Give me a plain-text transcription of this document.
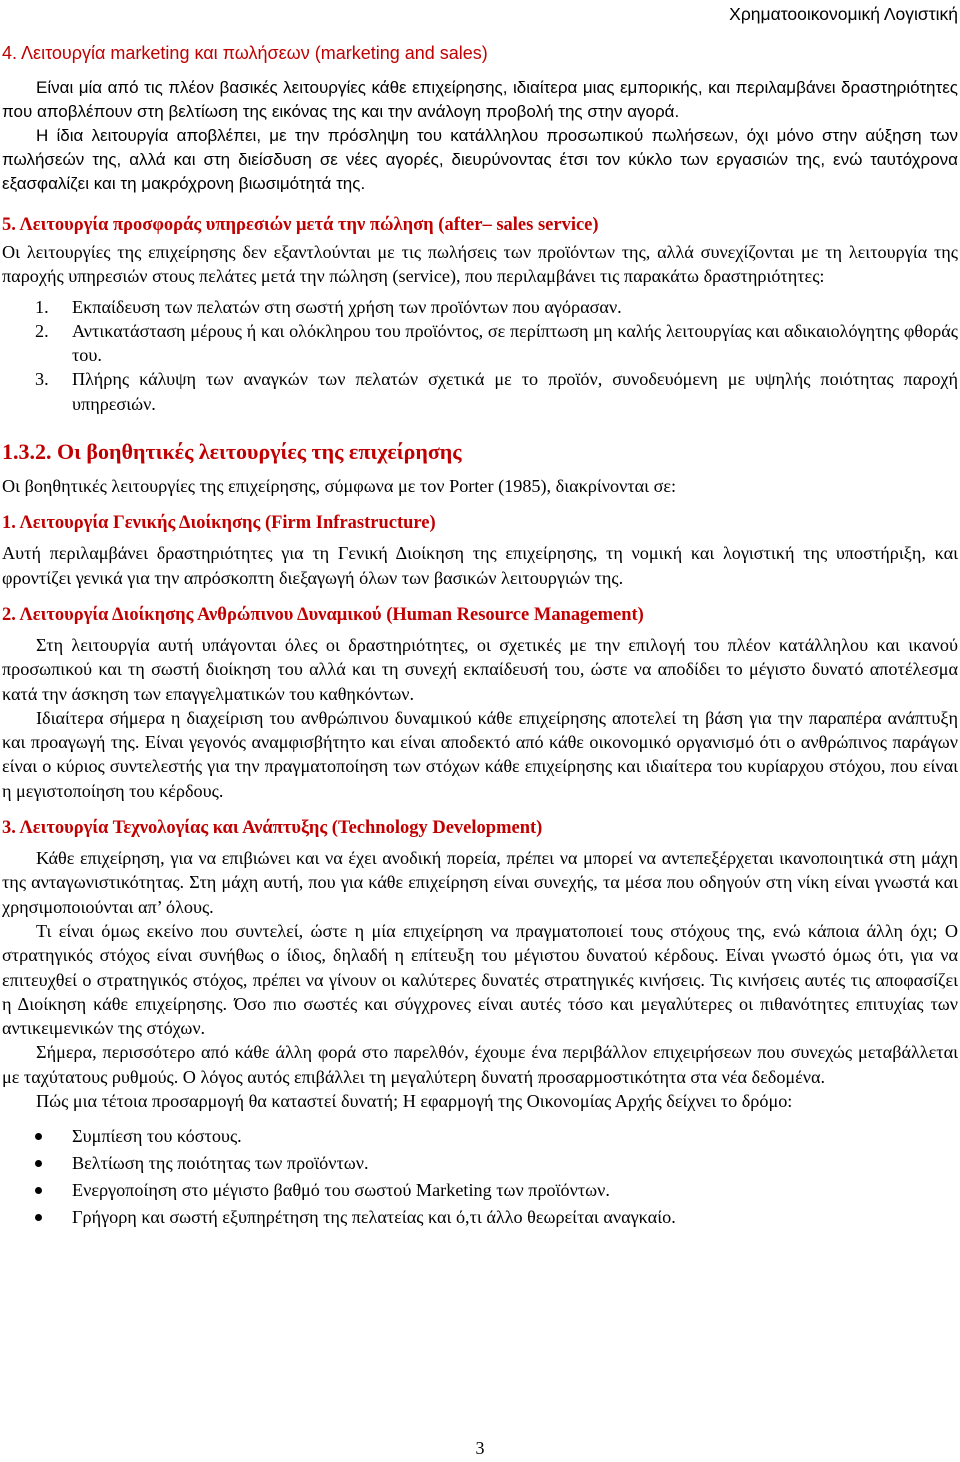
Χρηματοοικονομική Λογιστική
4. Λειτουργία marketing και πωλήσεων (marketing and sales)

Είναι μία από τις πλέον βασικές λειτουργίες κάθε επιχείρησης, ιδιαίτερα μιας εμπορικής, και περιλαμβάνει δραστηριότητες που αποβλέπουν στη βελτίωση της εικόνας της και την ανάλογη προβολή της στην αγορά.

Η ίδια λειτουργία αποβλέπει, με την πρόσληψη του κατάλληλου προσωπικού πωλήσεων, όχι μόνο στην αύξηση των πωλήσεών της, αλλά και στη διείσδυση σε νέες αγορές, διευρύνοντας έτσι τον κύκλο των εργασιών της, ενώ ταυτόχρονα εξασφαλίζει και τη μακρόχρονη βιωσιμότητά της.

5. Λειτουργία προσφοράς υπηρεσιών μετά την πώληση (after– sales service)

Οι λειτουργίες της επιχείρησης δεν εξαντλούνται με τις πωλήσεις των προϊόντων της, αλλά συνεχίζονται με τη λειτουργία της παροχής υπηρεσιών στους πελάτες μετά την πώληση (service), που περιλαμβάνει τις παρακάτω δραστηριότητες:

1. Εκπαίδευση των πελατών στη σωστή χρήση των προϊόντων που αγόρασαν.
2. Αντικατάσταση μέρους ή και ολόκληρου του προϊόντος, σε περίπτωση μη καλής λειτουργίας και αδικαιολόγητης φθοράς του.
3. Πλήρης κάλυψη των αναγκών των πελατών σχετικά με το προϊόν, συνοδευόμενη με υψηλής ποιότητας παροχή υπηρεσιών.
1.3.2. Οι βοηθητικές λειτουργίες της επιχείρησης

Οι βοηθητικές λειτουργίες της επιχείρησης, σύμφωνα με τον Porter (1985), διακρίνονται σε:

1. Λειτουργία Γενικής Διοίκησης (Firm Infrastructure)

Αυτή περιλαμβάνει δραστηριότητες για τη Γενική Διοίκηση της επιχείρησης, τη νομική και λογιστική της υποστήριξη, και φροντίζει γενικά για την απρόσκοπτη διεξαγωγή όλων των βασικών λειτουργιών της.

2. Λειτουργία Διοίκησης Ανθρώπινου Δυναμικού (Human Resource Management)

Στη λειτουργία αυτή υπάγονται όλες οι δραστηριότητες, οι σχετικές με την επιλογή του πλέον κατάλληλου και ικανού προσωπικού και τη σωστή διοίκηση του αλλά και τη συνεχή εκπαίδευσή του, ώστε να αποδίδει το μέγιστο δυνατό αποτέλεσμα κατά την άσκηση των επαγγελματικών του καθηκόντων.

Ιδιαίτερα σήμερα η διαχείριση του ανθρώπινου δυναμικού κάθε επιχείρησης αποτελεί τη βάση για την παραπέρα ανάπτυξη και προαγωγή της. Είναι γεγονός αναμφισβήτητο και είναι αποδεκτό από κάθε οικονομικό οργανισμό ότι ο ανθρώπινος παράγων είναι ο κύριος συντελεστής για την πραγματοποίηση των στόχων κάθε επιχείρησης και ιδιαίτερα του κυρίαρχου στόχου, που είναι η μεγιστοποίηση του κέρδους.

3. Λειτουργία Τεχνολογίας και Ανάπτυξης (Technology Development)

Κάθε επιχείρηση, για να επιβιώνει και να έχει ανοδική πορεία, πρέπει να μπορεί να αντεπεξέρχεται ικανοποιητικά στη μάχη της ανταγωνιστικότητας. Στη μάχη αυτή, που για κάθε επιχείρηση είναι συνεχής, τα μέσα που οδηγούν στη νίκη είναι γνωστά και χρησιμοποιούνται απ’ όλους.

Τι είναι όμως εκείνο που συντελεί, ώστε η μία επιχείρηση να πραγματοποιεί τους στόχους της, ενώ κάποια άλλη όχι; Ο στρατηγικός στόχος είναι συνήθως ο ίδιος, δηλαδή η επίτευξη του μέγιστου δυνατού κέρδους. Είναι γνωστό όμως ότι, για να επιτευχθεί ο στρατηγικός στόχος, πρέπει να γίνουν οι καλύτερες δυνατές στρατηγικές κινήσεις. Τις κινήσεις αυτές τις αποφασίζει η Διοίκηση κάθε επιχείρησης. Όσο πιο σωστές και σύγχρονες είναι αυτές τόσο και μεγαλύτερες οι πιθανότητες επιτυχίας των αντικειμενικών της στόχων.

Σήμερα, περισσότερο από κάθε άλλη φορά στο παρελθόν, έχουμε ένα περιβάλλον επιχειρήσεων που συνεχώς μεταβάλλεται με ταχύτατους ρυθμούς. Ο λόγος αυτός επιβάλλει τη μεγαλύτερη δυνατή προσαρμοστικότητα στα νέα δεδομένα.

Πώς μια τέτοια προσαρμογή θα καταστεί δυνατή; Η εφαρμογή της Οικονομίας Αρχής δείχνει το δρόμο:

Συμπίεση του κόστους.
Βελτίωση της ποιότητας των προϊόντων.
Ενεργοποίηση στο μέγιστο βαθμό του σωστού Marketing των προϊόντων.
Γρήγορη και σωστή εξυπηρέτηση της πελατείας και ό,τι άλλο θεωρείται αναγκαίο.
3
